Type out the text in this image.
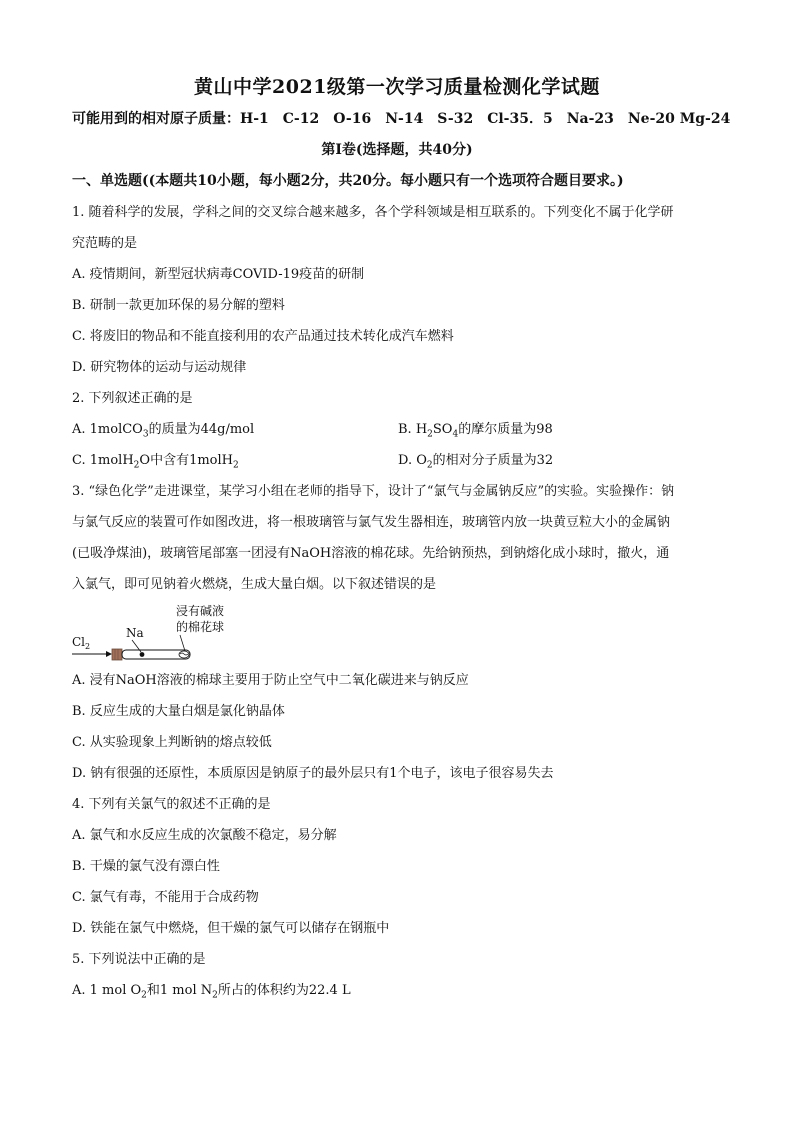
黄山中学2021级第一次学习质量检测化学试题
可能用到的相对原子质量：H-1　C-12　O-16　N-14　S-32　Cl-35．5　Na-23　Ne-20 Mg-24
第I卷(选择题，共40分)
一、单选题((本题共10小题，每小题2分，共20分。每小题只有一个选项符合题目要求。)
1. 随着科学的发展，学科之间的交叉综合越来越多，各个学科领域是相互联系的。下列变化不属于化学研
究范畴的是
A. 疫情期间，新型冠状病毒COVID-19疫苗的研制
B. 研制一款更加环保的易分解的塑料
C. 将废旧的物品和不能直接利用的农产品通过技术转化成汽车燃料
D. 研究物体的运动与运动规律
2. 下列叙述正确的是
A. 1molCO$_3$的质量为44g/mol	B. $H_2SO_4$的摩尔质量为98
C. 1molH$_2$O中含有1molH$_2$	D. $O_2$的相对分子质量为32
3. “绿色化学”走进课堂，某学习小组在老师的指导下，设计了“氯气与金属钠反应”的实验。实验操作：钠
与氯气反应的装置可作如图改进，将一根玻璃管与氯气发生器相连，玻璃管内放一块黄豆粒大小的金属钠
(已吸净煤油)，玻璃管尾部塞一团浸有NaOH溶液的棉花球。先给钠预热，到钠熔化成小球时，撤火，通
入氯气，即可见钠着火燃烧，生成大量白烟。以下叙述错误的是
浸有碱液
的棉花球
Na
$Cl_2$
A. 浸有NaOH溶液的棉球主要用于防止空气中二氧化碳进来与钠反应
B. 反应生成的大量白烟是氯化钠晶体
C. 从实验现象上判断钠的熔点较低
D. 钠有很强的还原性，本质原因是钠原子的最外层只有1个电子，该电子很容易失去
4. 下列有关氯气的叙述不正确的是
A. 氯气和水反应生成的次氯酸不稳定，易分解
B. 干燥的氯气没有漂白性
C. 氯气有毒，不能用于合成药物
D. 铁能在氯气中燃烧，但干燥的氯气可以储存在钢瓶中
5. 下列说法中正确的是
A. 1 mol $O_2$和1 mol $N_2$所占的体积约为22.4 L
